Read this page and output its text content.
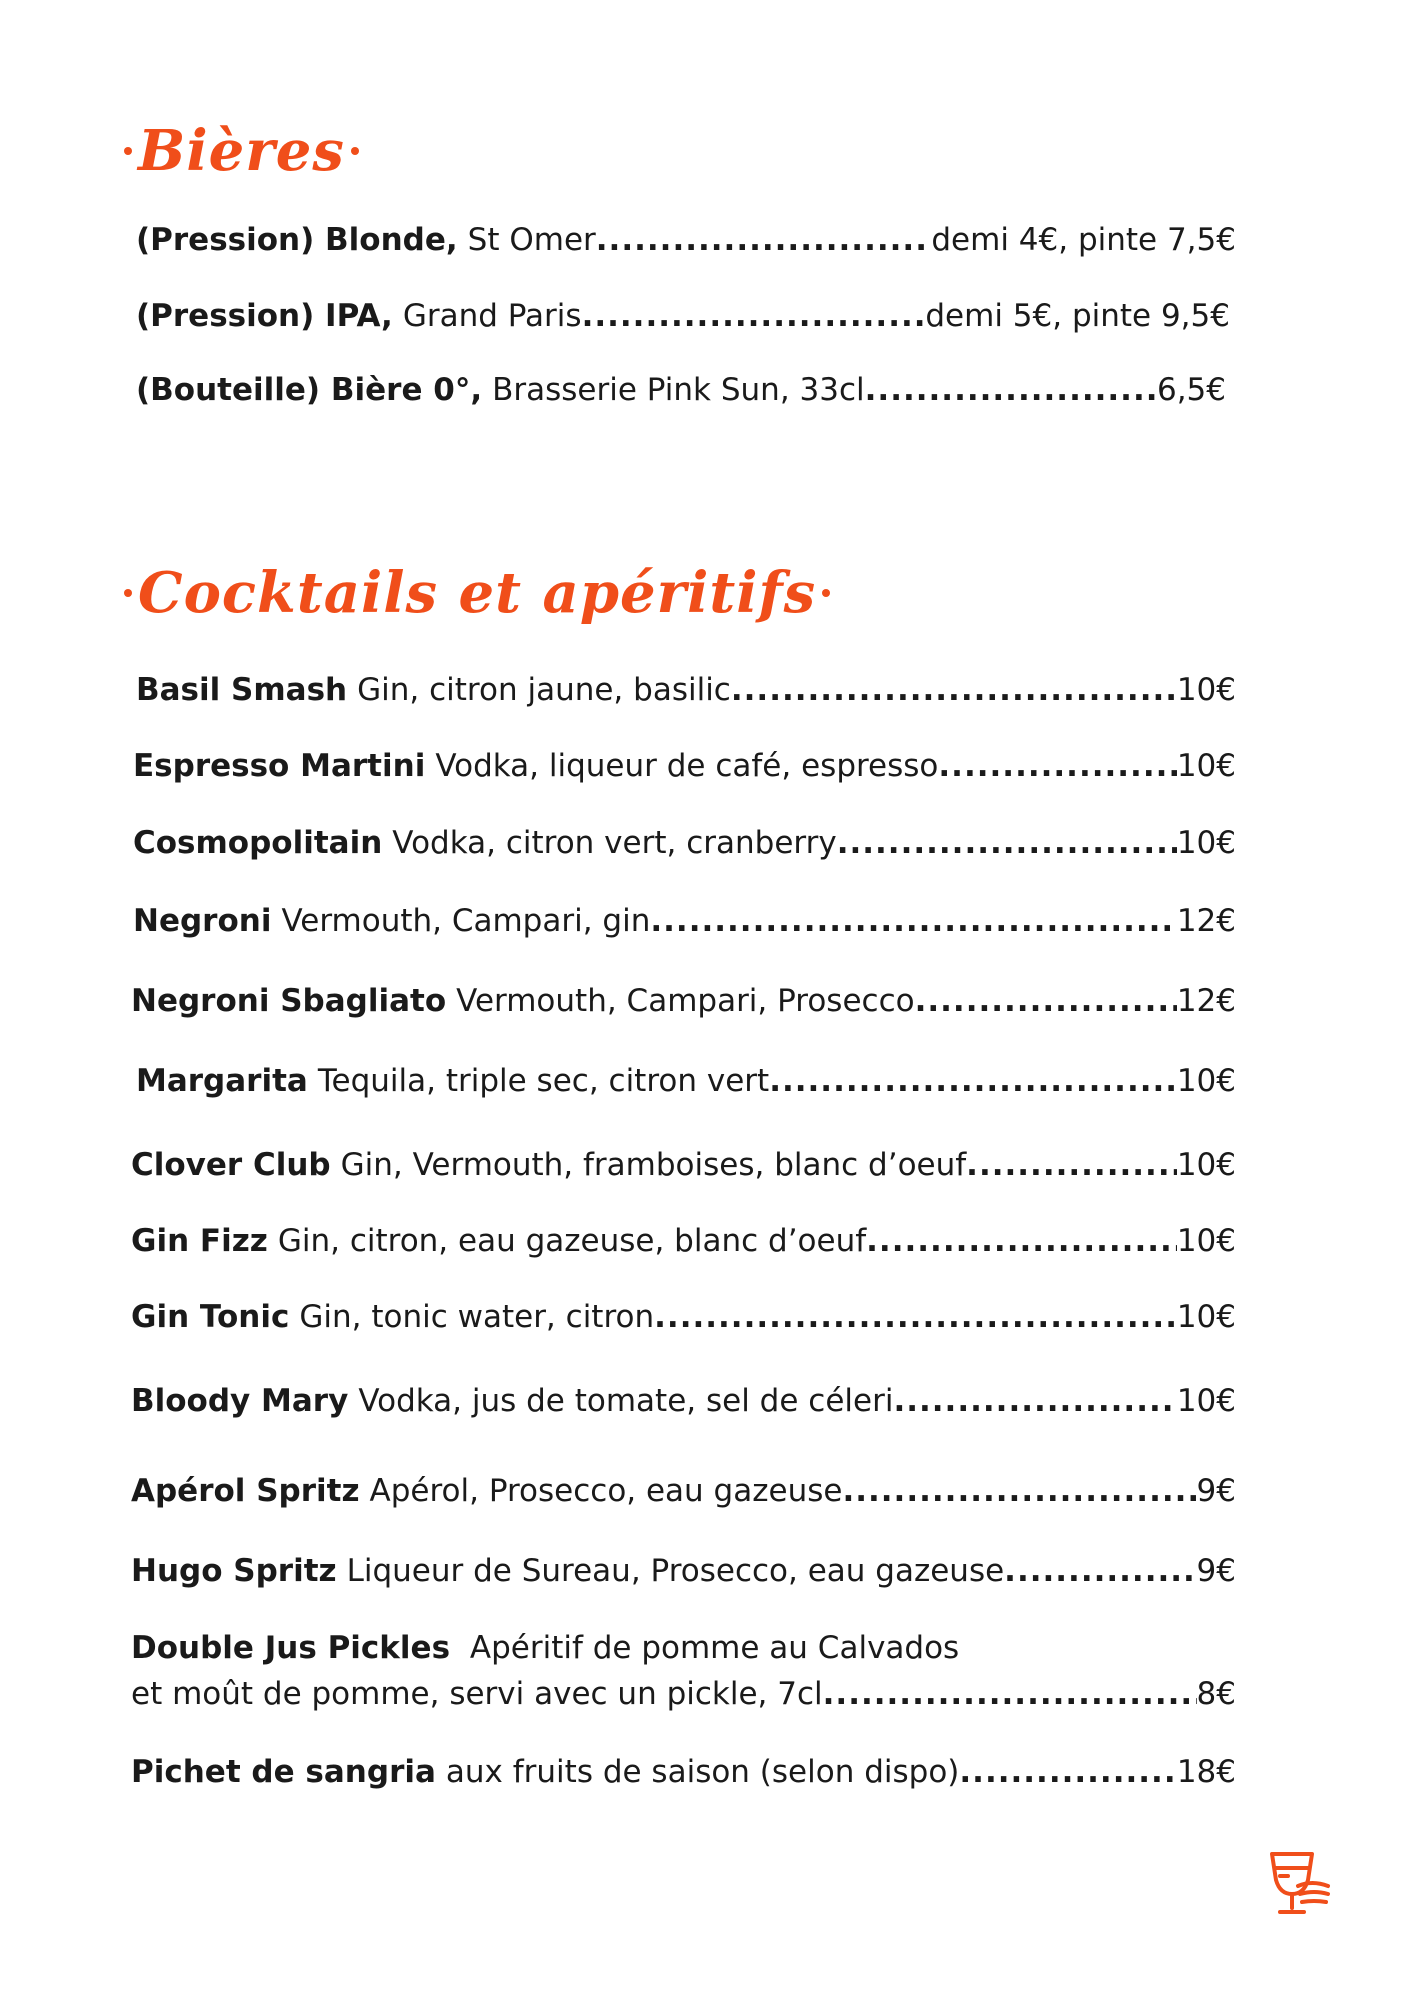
Bières
(Pression) Blonde, St Omer .....	demi 4€, pinte 7,5€
(Pression) IPA, Grand Paris .....	demi 5€, pinte 9,5€
(Bouteille) Bière 0°, Brasserie Pink Sun, 33cl .....	6,5€
Cocktails et apéritifs
Basil Smash Gin, citron jaune, basilic .....	10€
Espresso Martini Vodka, liqueur de café, espresso .....	10€
Cosmopolitain Vodka, citron vert, cranberry .....	10€
Negroni Vermouth, Campari, gin .....	12€
Negroni Sbagliato Vermouth, Campari, Prosecco .....	12€
Margarita Tequila, triple sec, citron vert .....	10€
Clover Club Gin, Vermouth, framboises, blanc d’oeuf .....	10€
Gin Fizz Gin, citron, eau gazeuse, blanc d’oeuf .....	10€
Gin Tonic Gin, tonic water, citron .....	10€
Bloody Mary Vodka, jus de tomate, sel de céleri .....	10€
Apérol Spritz Apérol, Prosecco, eau gazeuse .....	9€
Hugo Spritz Liqueur de Sureau, Prosecco, eau gazeuse .....	9€
Double Jus Pickles Apéritif de pomme au Calvados
et moût de pomme, servi avec un pickle, 7cl .....	8€
Pichet de sangria aux fruits de saison (selon dispo) .....	18€
